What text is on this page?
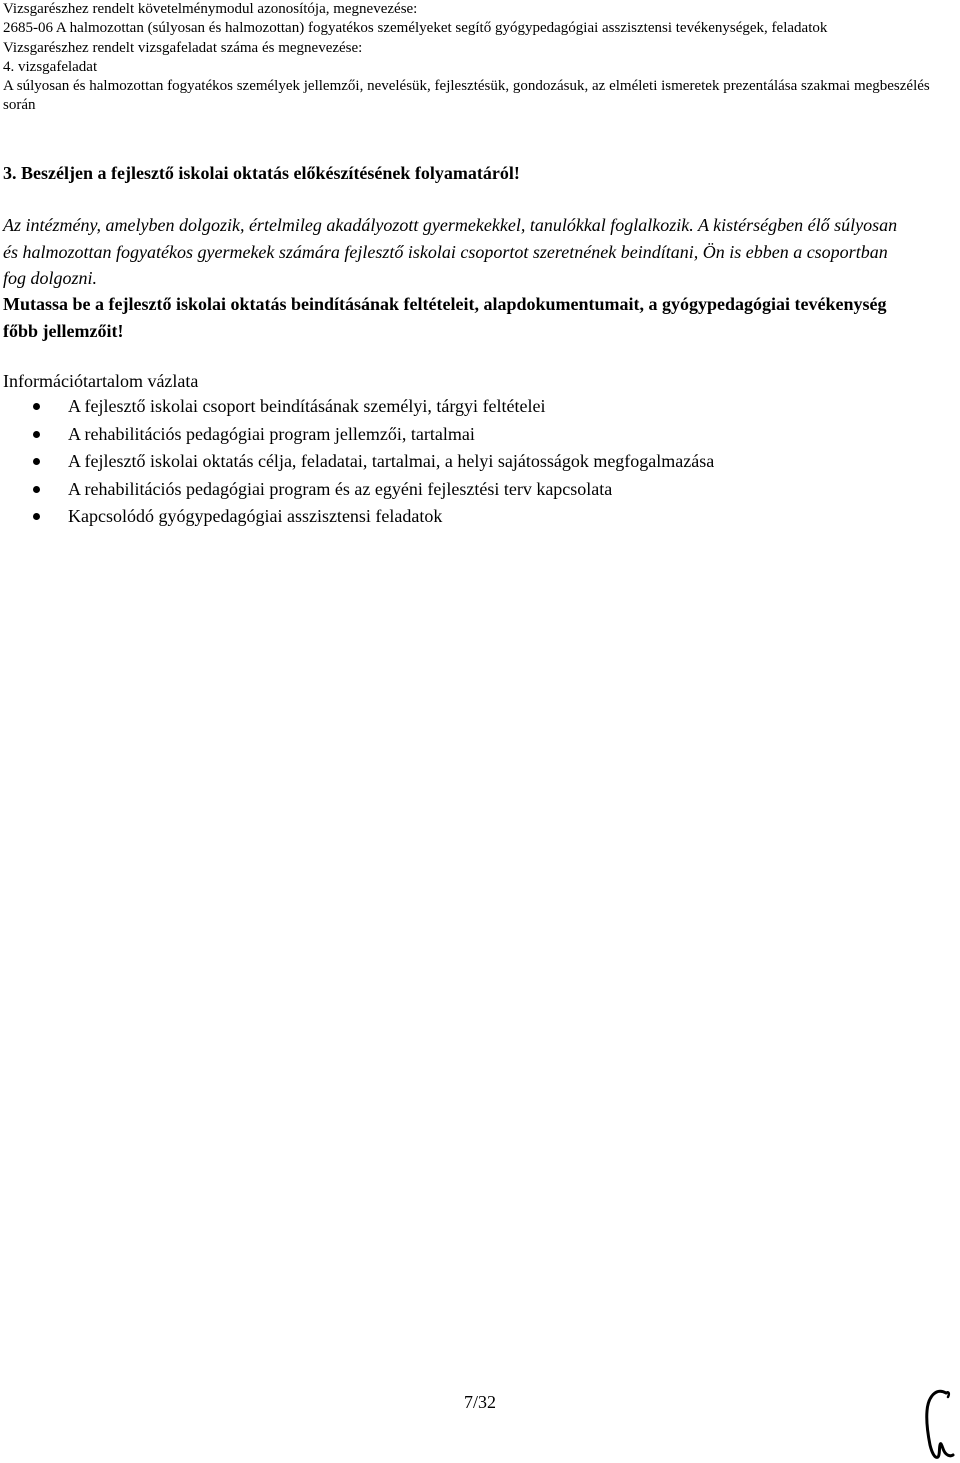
Vizsgarészhez rendelt követelménymodul azonosítója, megnevezése:
2685-06 A halmozottan (súlyosan és halmozottan) fogyatékos személyeket segítő gyógypedagógiai asszisztensi tevékenységek, feladatok
Vizsgarészhez rendelt vizsgafeladat száma és megnevezése:
4. vizsgafeladat
A súlyosan és halmozottan fogyatékos személyek jellemzői, nevelésük, fejlesztésük, gondozásuk, az elméleti ismeretek prezentálása szakmai megbeszélés során
3. Beszéljen a fejlesztő iskolai oktatás előkészítésének folyamatáról!
Az intézmény, amelyben dolgozik, értelmileg akadályozott gyermekekkel, tanulókkal foglalkozik. A kistérségben élő súlyosan és halmozottan fogyatékos gyermekek számára fejlesztő iskolai csoportot szeretnének beindítani, Ön is ebben a csoportban fog dolgozni.
Mutassa be a fejlesztő iskolai oktatás beindításának feltételeit, alapdokumentumait, a gyógypedagógiai tevékenység főbb jellemzőit!
Információtartalom vázlata
A fejlesztő iskolai csoport beindításának személyi, tárgyi feltételei
A rehabilitációs pedagógiai program jellemzői, tartalmai
A fejlesztő iskolai oktatás célja, feladatai, tartalmai, a helyi sajátosságok megfogalmazása
A rehabilitációs pedagógiai program és az egyéni fejlesztési terv kapcsolata
Kapcsolódó gyógypedagógiai asszisztensi feladatok
7/32
